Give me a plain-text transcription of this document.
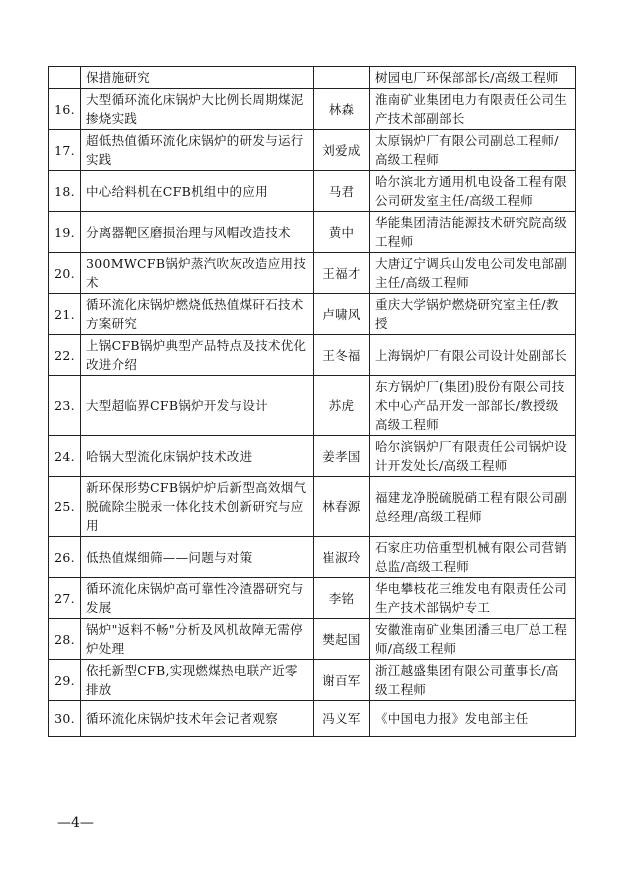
	保措施研究		树园电厂环保部部长/高级工程师
16.	大型循环流化床锅炉大比例长周期煤泥掺烧实践	林森	淮南矿业集团电力有限责任公司生产技术部副部长
17.	超低热值循环流化床锅炉的研发与运行实践	刘爱成	太原锅炉厂有限公司副总工程师/高级工程师
18.	中心给料机在CFB机组中的应用	马君	哈尔滨北方通用机电设备工程有限公司研发室主任/高级工程师
19.	分离器靶区磨损治理与风帽改造技术	黄中	华能集团清洁能源技术研究院高级工程师
20.	300MWCFB锅炉蒸汽吹灰改造应用技术	王福才	大唐辽宁调兵山发电公司发电部副主任/高级工程师
21.	循环流化床锅炉燃烧低热值煤矸石技术方案研究	卢啸风	重庆大学锅炉燃烧研究室主任/教授
22.	上锅CFB锅炉典型产品特点及技术优化改进介绍	王冬福	上海锅炉厂有限公司设计处副部长
23.	大型超临界CFB锅炉开发与设计	苏虎	东方锅炉厂(集团)股份有限公司技术中心产品开发一部部长/教授级高级工程师
24.	哈锅大型流化床锅炉技术改进	姜孝国	哈尔滨锅炉厂有限责任公司锅炉设计开发处长/高级工程师
25.	新环保形势CFB锅炉炉后新型高效烟气脱硫除尘脱汞一体化技术创新研究与应用	林春源	福建龙净脱硫脱硝工程有限公司副总经理/高级工程师
26.	低热值煤细筛——问题与对策	崔淑玲	石家庄功倍重型机械有限公司营销总监/高级工程师
27.	循环流化床锅炉高可靠性冷渣器研究与发展	李铭	华电攀枝花三维发电有限责任公司生产技术部锅炉专工
28.	锅炉"返料不畅"分析及风机故障无需停炉处理	樊起国	安徽淮南矿业集团潘三电厂总工程师/高级工程师
29.	依托新型CFB,实现燃煤热电联产近零排放	谢百军	浙江越盛集团有限公司董事长/高级工程师
30.	循环流化床锅炉技术年会记者观察	冯义军	《中国电力报》发电部主任
—4—
